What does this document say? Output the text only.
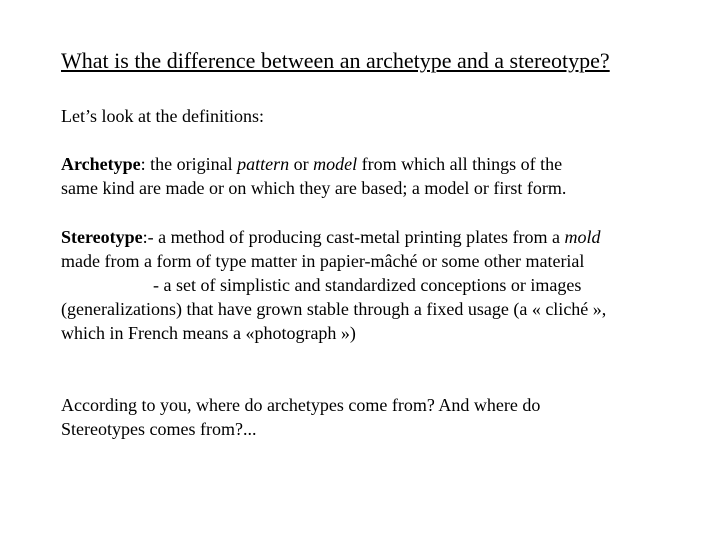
What is the difference between an archetype and a stereotype?
Let’s look at the definitions:
Archetype: the original pattern or model from which all things of the
same kind are made or on which they are based; a model or first form.
Stereotype:- a method of producing cast-metal printing plates from a mold
made from a form of type matter in papier-mâché or some other material
- a set of simplistic and standardized conceptions or images
(generalizations) that have grown stable through a fixed usage (a « cliché »,
which in French means a «photograph »)
According to you, where do archetypes come from? And where do
Stereotypes comes from?...
